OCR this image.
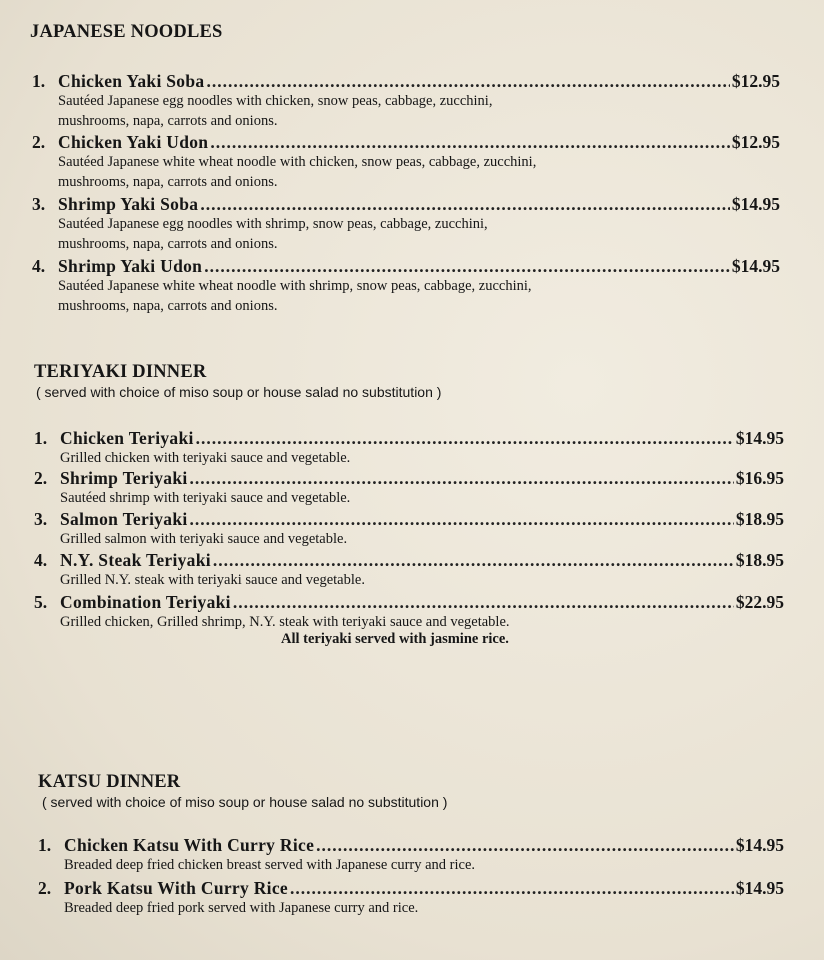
JAPANESE NOODLES
1. Chicken Yaki Soba .....	$12.95
Sautéed Japanese egg noodles with chicken, snow peas, cabbage, zucchini,
mushrooms, napa, carrots and onions.
2. Chicken Yaki Udon .....	$12.95
Sautéed Japanese white wheat noodle with chicken, snow peas, cabbage, zucchini,
mushrooms, napa, carrots and onions.
3. Shrimp Yaki Soba .....	$14.95
Sautéed Japanese egg noodles with shrimp, snow peas, cabbage, zucchini,
mushrooms, napa, carrots and onions.
4. Shrimp Yaki Udon .....	$14.95
Sautéed Japanese white wheat noodle with shrimp, snow peas, cabbage, zucchini,
mushrooms, napa, carrots and onions.
TERIYAKI DINNER
( served with choice of miso soup or house salad no substitution )
1. Chicken Teriyaki .....	$14.95
Grilled chicken with teriyaki sauce and vegetable.
2. Shrimp Teriyaki .....	$16.95
Sautéed shrimp with teriyaki sauce and vegetable.
3. Salmon Teriyaki .....	$18.95
Grilled salmon with teriyaki sauce and vegetable.
4. N.Y. Steak Teriyaki .....	$18.95
Grilled N.Y. steak with teriyaki sauce and vegetable.
5. Combination Teriyaki .....	$22.95
Grilled chicken, Grilled shrimp, N.Y. steak with teriyaki sauce and vegetable.
All teriyaki served with jasmine rice.
KATSU DINNER
( served with choice of miso soup or house salad no substitution )
1. Chicken Katsu With Curry Rice .....	$14.95
Breaded deep fried chicken breast served with Japanese curry and rice.
2. Pork Katsu With Curry Rice .....	$14.95
Breaded deep fried pork served with Japanese curry and rice.
